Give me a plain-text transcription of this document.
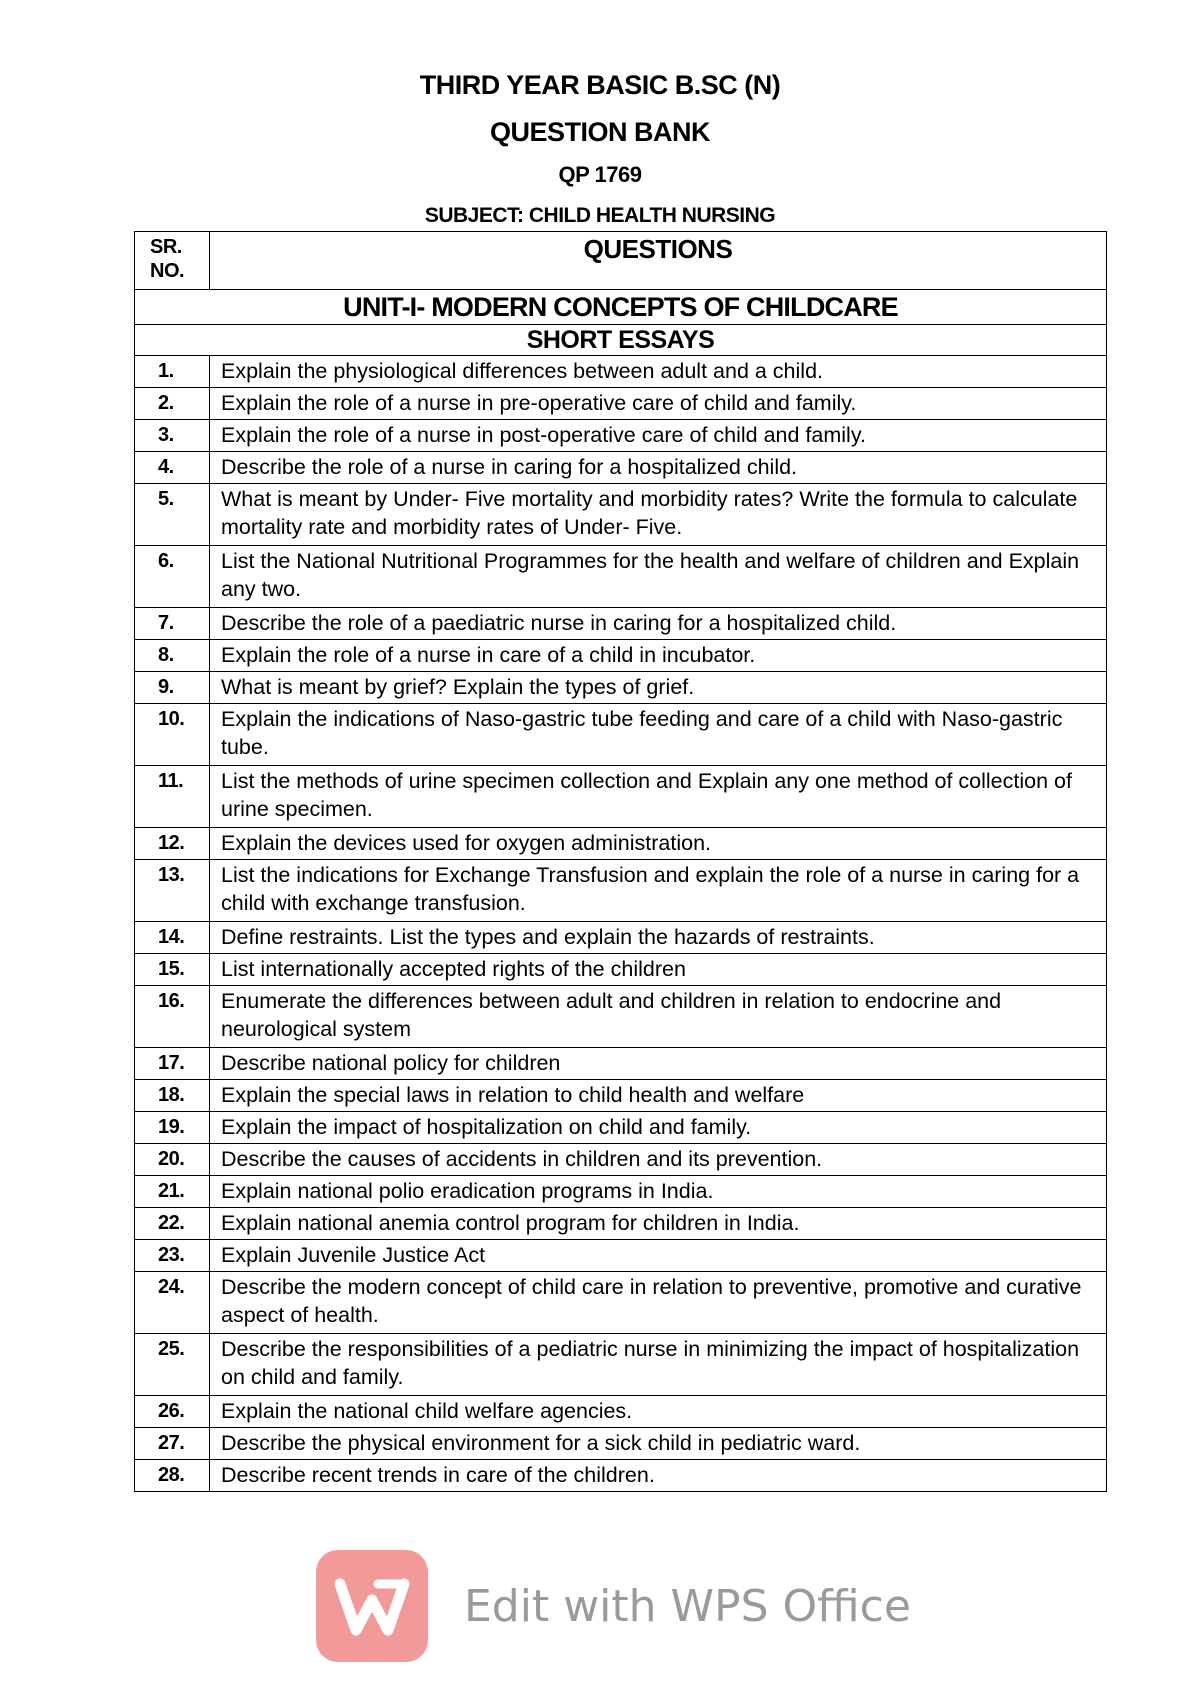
THIRD YEAR BASIC B.SC (N)
QUESTION BANK
QP 1769
SUBJECT: CHILD HEALTH NURSING
SR. NO.	QUESTIONS
UNIT-I- MODERN CONCEPTS OF CHILDCARE	
SHORT ESSAYS	
1.	Explain the physiological differences between adult and a child.
2.	Explain the role of a nurse in pre-operative care of child and family.
3.	Explain the role of a nurse in post-operative care of child and family.
4.	Describe the role of a nurse in caring for a hospitalized child.
5.	What is meant by Under- Five mortality and morbidity rates? Write the formula to calculate mortality rate and morbidity rates of Under- Five.
6.	List the National Nutritional Programmes for the health and welfare of children and Explain any two.
7.	Describe the role of a paediatric nurse in caring for a hospitalized child.
8.	Explain the role of a nurse in care of a child in incubator.
9.	What is meant by grief? Explain the types of grief.
10.	Explain the indications of Naso-gastric tube feeding and care of a child with Naso-gastric tube.
11.	List the methods of urine specimen collection and Explain any one method of collection of urine specimen.
12.	Explain the devices used for oxygen administration.
13.	List the indications for Exchange Transfusion and explain the role of a nurse in caring for a child with exchange transfusion.
14.	Define restraints. List the types and explain the hazards of restraints.
15.	List internationally accepted rights of the children
16.	Enumerate the differences between adult and children in relation to endocrine and neurological system
17.	Describe national policy for children
18.	Explain the special laws in relation to child health and welfare
19.	Explain the impact of hospitalization on child and family.
20.	Describe the causes of accidents in children and its prevention.
21.	Explain national polio eradication programs in India.
22.	Explain national anemia control program for children in India.
23.	Explain Juvenile Justice Act
24.	Describe the modern concept of child care in relation to preventive, promotive and curative aspect of health.
25.	Describe the responsibilities of a pediatric nurse in minimizing the impact of hospitalization on child and family.
26.	Explain the national child welfare agencies.
27.	Describe the physical environment for a sick child in pediatric ward.
28.	Describe recent trends in care of the children.
Edit with WPS Office
